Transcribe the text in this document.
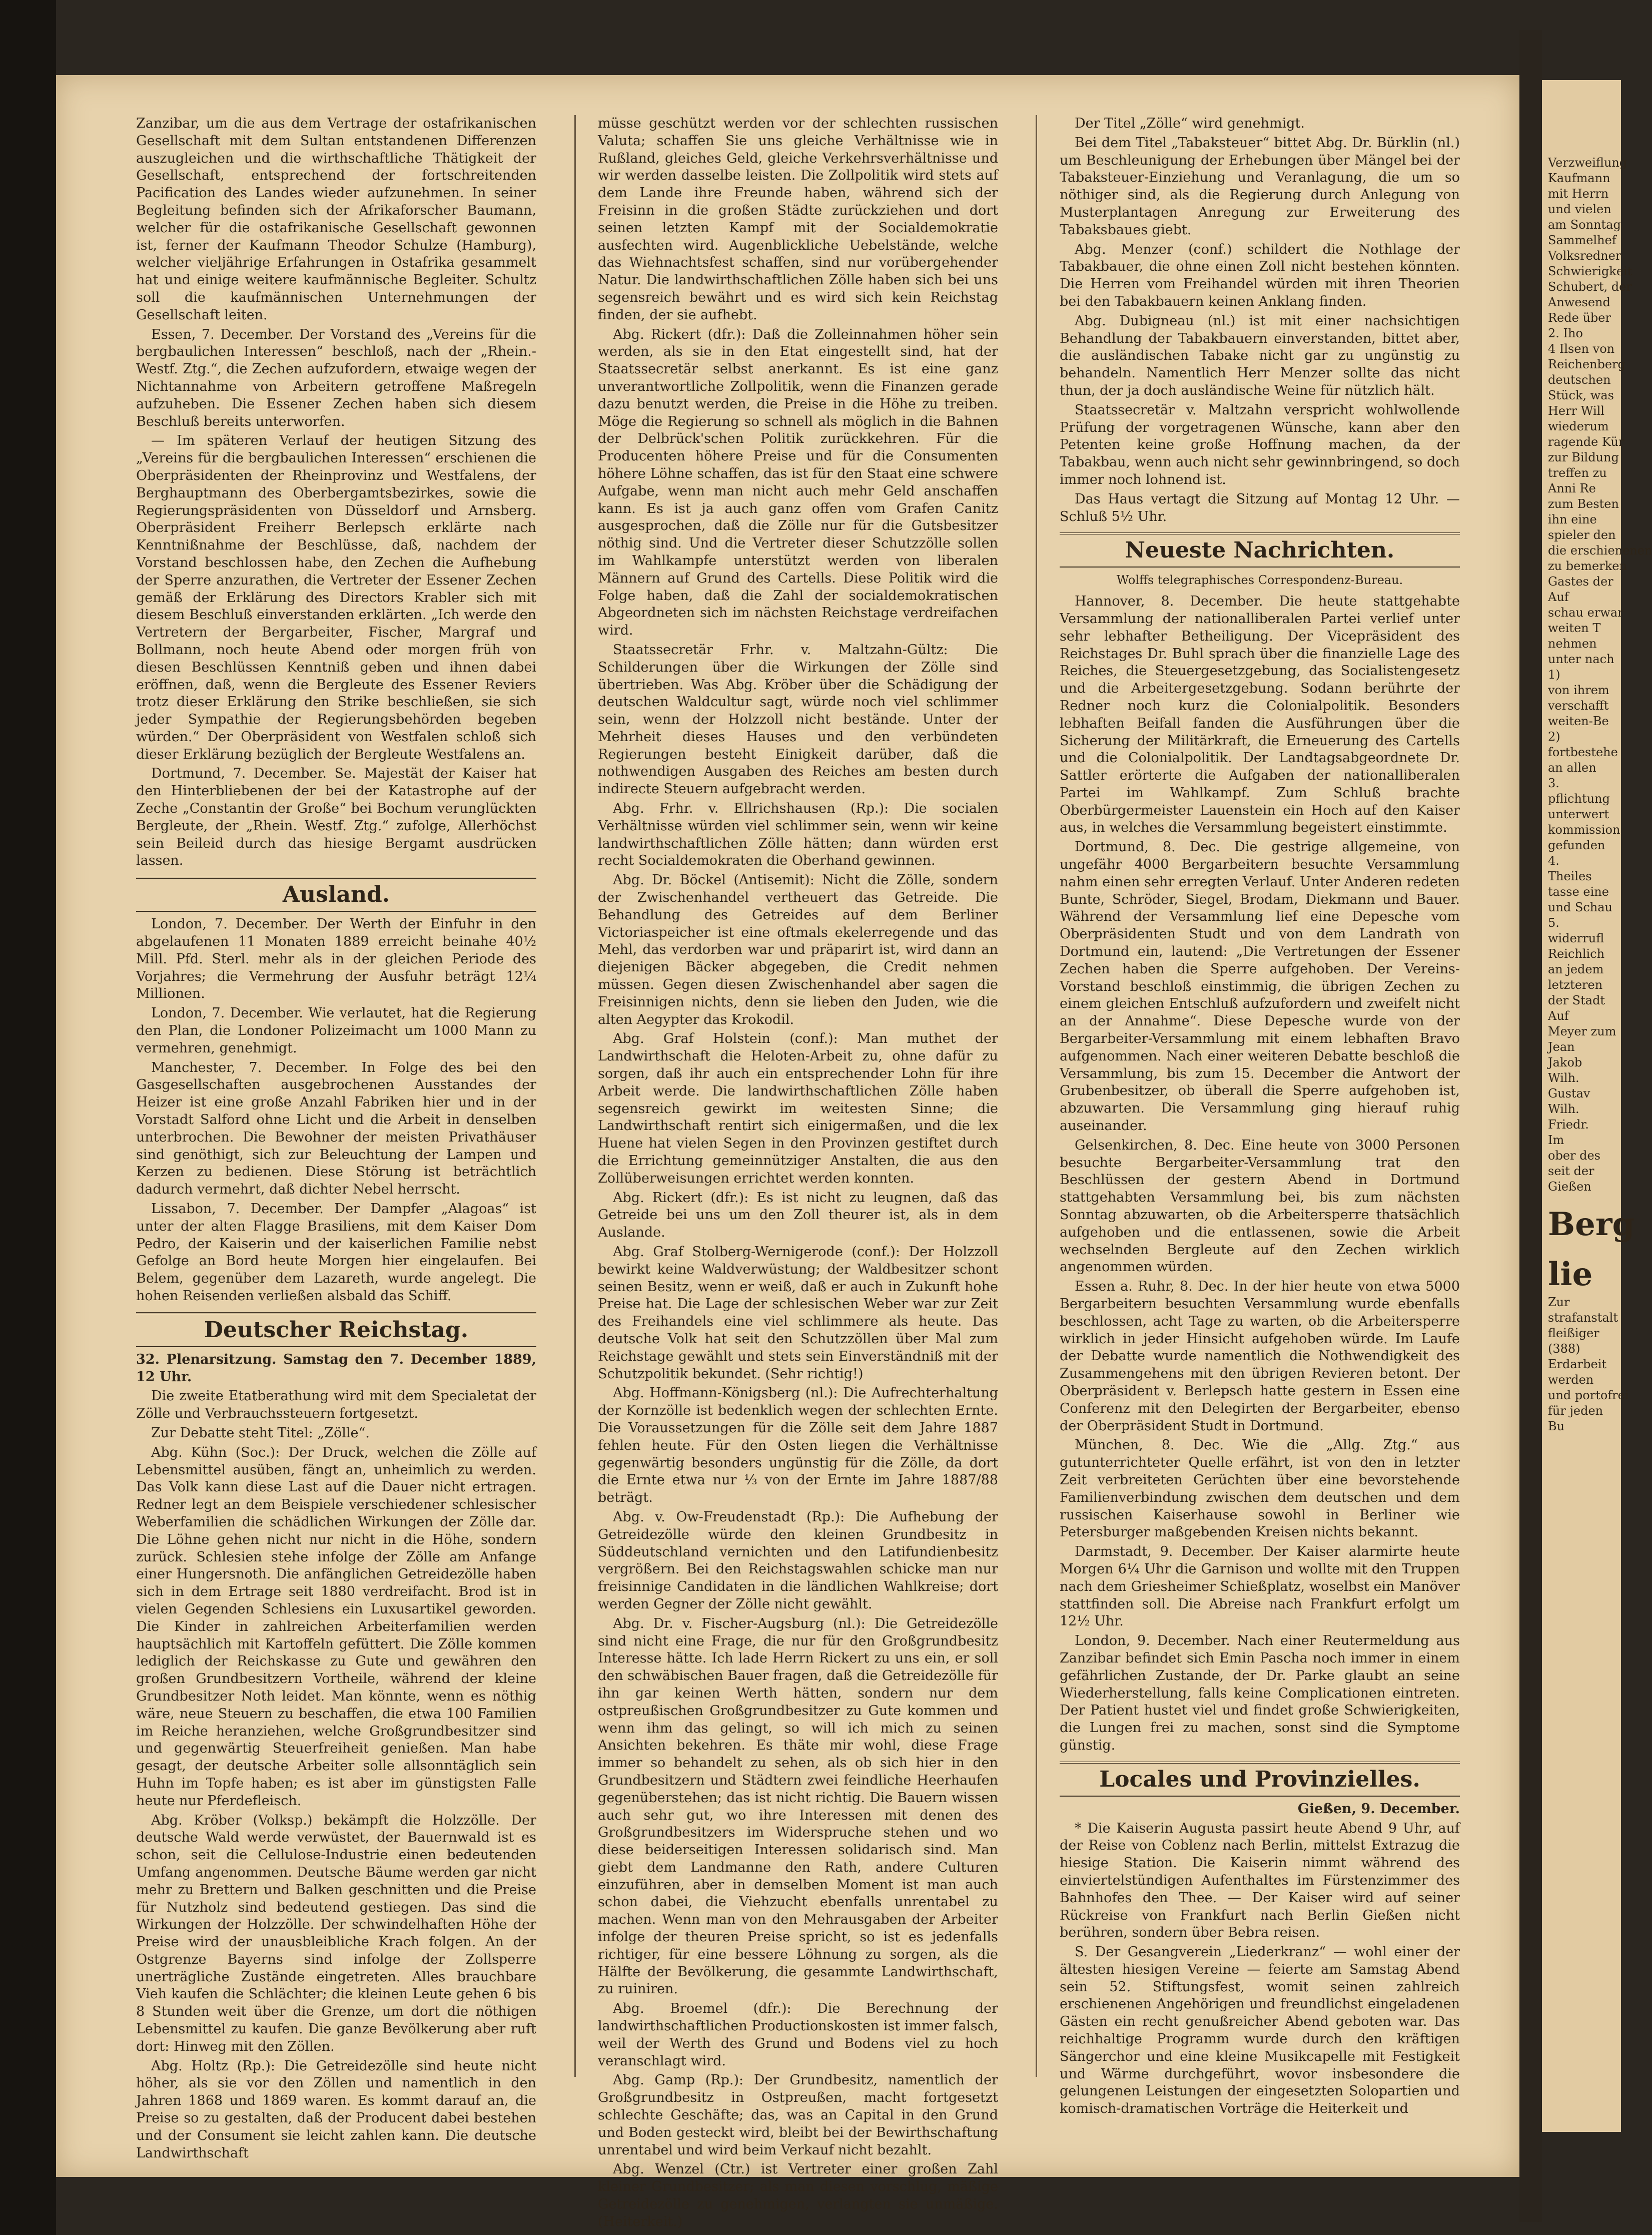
Verzweiflung
Kaufmann
mit Herrn
und vielen
am Sonntag
Sammelhef
Volksredner
Schwierigkeit
Schubert, der
Anwesend
Rede über
2. Iho
4 Ilsen von
Reichenberg
deutschen
Stück, was
Herr Will
wiederum
ragende Kür
zur Bildung
treffen zu
Anni Re
zum Besten
ihn eine
spieler den
die erschienenen
zu bemerken
Gastes der
Auf
schau erwar
weiten T
nehmen
unter nach
1)
von ihrem
verschafft
weiten-Be
2)
fortbestehe
an allen
3.
pflichtung
unterwert
kommission
gefunden
4.
Theiles
tasse eine
und Schau
5.
widerrufl
Reichlich
an jedem
letzteren
der Stadt
Auf
Meyer zum
Jean
Jakob
Wilh.
Gustav
Wilh.
Friedr.
Im
ober des
seit der
Gießen
Berg
lie
Zur
strafanstalt
fleißiger
(388)
Erdarbeit
werden
und portofrei
für jeden
Bu

Zanzibar, um die aus dem Vertrage der ostafrikanischen Gesellschaft mit dem Sultan entstandenen Differenzen auszugleichen und die wirthschaftliche Thätigkeit der Gesellschaft, entsprechend der fortschreitenden Pacification des Landes wieder aufzunehmen. In seiner Begleitung befinden sich der Afrikaforscher Baumann, welcher für die ostafrikanische Gesellschaft gewonnen ist, ferner der Kaufmann Theodor Schulze (Hamburg), welcher vieljährige Erfahrungen in Ostafrika gesammelt hat und einige weitere kaufmännische Begleiter. Schultz soll die kaufmännischen Unternehmungen der Gesellschaft leiten.

Essen, 7. December. Der Vorstand des „Vereins für die bergbaulichen Interessen“ beschloß, nach der „Rhein.-Westf. Ztg.“, die Zechen aufzufordern, etwaige wegen der Nichtannahme von Arbeitern getroffene Maßregeln aufzuheben. Die Essener Zechen haben sich diesem Beschluß bereits unterworfen.

— Im späteren Verlauf der heutigen Sitzung des „Vereins für die bergbaulichen Interessen“ erschienen die Oberpräsidenten der Rheinprovinz und Westfalens, der Berghauptmann des Oberbergamtsbezirkes, sowie die Regierungspräsidenten von Düsseldorf und Arnsberg. Oberpräsident Freiherr Berlepsch erklärte nach Kenntnißnahme der Beschlüsse, daß, nachdem der Vorstand beschlossen habe, den Zechen die Aufhebung der Sperre anzurathen, die Vertreter der Essener Zechen gemäß der Erklärung des Directors Krabler sich mit diesem Beschluß einverstanden erklärten. „Ich werde den Vertretern der Bergarbeiter, Fischer, Margraf und Bollmann, noch heute Abend oder morgen früh von diesen Beschlüssen Kenntniß geben und ihnen dabei eröffnen, daß, wenn die Bergleute des Essener Reviers trotz dieser Erklärung den Strike beschließen, sie sich jeder Sympathie der Regierungsbehörden begeben würden.“ Der Oberpräsident von Westfalen schloß sich dieser Erklärung bezüglich der Bergleute Westfalens an.

Dortmund, 7. December. Se. Majestät der Kaiser hat den Hinterbliebenen der bei der Katastrophe auf der Zeche „Constantin der Große“ bei Bochum verunglückten Bergleute, der „Rhein. Westf. Ztg.“ zufolge, Allerhöchst sein Beileid durch das hiesige Bergamt ausdrücken lassen.

Ausland.

London, 7. December. Der Werth der Einfuhr in den abgelaufenen 11 Monaten 1889 erreicht beinahe 40½ Mill. Pfd. Sterl. mehr als in der gleichen Periode des Vorjahres; die Vermehrung der Ausfuhr beträgt 12¼ Millionen.

London, 7. December. Wie verlautet, hat die Regierung den Plan, die Londoner Polizeimacht um 1000 Mann zu vermehren, genehmigt.

Manchester, 7. December. In Folge des bei den Gasgesellschaften ausgebrochenen Ausstandes der Heizer ist eine große Anzahl Fabriken hier und in der Vorstadt Salford ohne Licht und die Arbeit in denselben unterbrochen. Die Bewohner der meisten Privathäuser sind genöthigt, sich zur Beleuchtung der Lampen und Kerzen zu bedienen. Diese Störung ist beträchtlich dadurch vermehrt, daß dichter Nebel herrscht.

Lissabon, 7. December. Der Dampfer „Alagoas“ ist unter der alten Flagge Brasiliens, mit dem Kaiser Dom Pedro, der Kaiserin und der kaiserlichen Familie nebst Gefolge an Bord heute Morgen hier eingelaufen. Bei Belem, gegenüber dem Lazareth, wurde angelegt. Die hohen Reisenden verließen alsbald das Schiff.

Deutscher Reichstag.

32. Plenarsitzung. Samstag den 7. December 1889, 12 Uhr.

Die zweite Etatberathung wird mit dem Specialetat der Zölle und Verbrauchssteuern fortgesetzt.

Zur Debatte steht Titel: „Zölle“.

Abg. Kühn (Soc.): Der Druck, welchen die Zölle auf Lebensmittel ausüben, fängt an, unheimlich zu werden. Das Volk kann diese Last auf die Dauer nicht ertragen. Redner legt an dem Beispiele verschiedener schlesischer Weberfamilien die schädlichen Wirkungen der Zölle dar. Die Löhne gehen nicht nur nicht in die Höhe, sondern zurück. Schlesien stehe infolge der Zölle am Anfange einer Hungersnoth. Die anfänglichen Getreidezölle haben sich in dem Ertrage seit 1880 verdreifacht. Brod ist in vielen Gegenden Schlesiens ein Luxusartikel geworden. Die Kinder in zahlreichen Arbeiterfamilien werden hauptsächlich mit Kartoffeln gefüttert. Die Zölle kommen lediglich der Reichskasse zu Gute und gewähren den großen Grundbesitzern Vortheile, während der kleine Grundbesitzer Noth leidet. Man könnte, wenn es nöthig wäre, neue Steuern zu beschaffen, die etwa 100 Familien im Reiche heranziehen, welche Großgrundbesitzer sind und gegenwärtig Steuerfreiheit genießen. Man habe gesagt, der deutsche Arbeiter solle allsonntäglich sein Huhn im Topfe haben; es ist aber im günstigsten Falle heute nur Pferdefleisch.

Abg. Kröber (Volksp.) bekämpft die Holzzölle. Der deutsche Wald werde verwüstet, der Bauernwald ist es schon, seit die Cellulose-Industrie einen bedeutenden Umfang angenommen. Deutsche Bäume werden gar nicht mehr zu Brettern und Balken geschnitten und die Preise für Nutzholz sind bedeutend gestiegen. Das sind die Wirkungen der Holzzölle. Der schwindelhaften Höhe der Preise wird der unausbleibliche Krach folgen. An der Ostgrenze Bayerns sind infolge der Zollsperre unerträgliche Zustände eingetreten. Alles brauchbare Vieh kaufen die Schlächter; die kleinen Leute gehen 6 bis 8 Stunden weit über die Grenze, um dort die nöthigen Lebensmittel zu kaufen. Die ganze Bevölkerung aber ruft dort: Hinweg mit den Zöllen.

Abg. Holtz (Rp.): Die Getreidezölle sind heute nicht höher, als sie vor den Zöllen und namentlich in den Jahren 1868 und 1869 waren. Es kommt darauf an, die Preise so zu gestalten, daß der Producent dabei bestehen und der Consument sie leicht zahlen kann. Die deutsche Landwirthschaft

müsse geschützt werden vor der schlechten russischen Valuta; schaffen Sie uns gleiche Verhältnisse wie in Rußland, gleiches Geld, gleiche Verkehrsverhältnisse und wir werden dasselbe leisten. Die Zollpolitik wird stets auf dem Lande ihre Freunde haben, während sich der Freisinn in die großen Städte zurückziehen und dort seinen letzten Kampf mit der Socialdemokratie ausfechten wird. Augenblickliche Uebelstände, welche das Wiehnachtsfest schaffen, sind nur vorübergehender Natur. Die landwirthschaftlichen Zölle haben sich bei uns segensreich bewährt und es wird sich kein Reichstag finden, der sie aufhebt.

Abg. Rickert (dfr.): Daß die Zolleinnahmen höher sein werden, als sie in den Etat eingestellt sind, hat der Staatssecretär selbst anerkannt. Es ist eine ganz unverantwortliche Zollpolitik, wenn die Finanzen gerade dazu benutzt werden, die Preise in die Höhe zu treiben. Möge die Regierung so schnell als möglich in die Bahnen der Delbrück'schen Politik zurückkehren. Für die Producenten höhere Preise und für die Consumenten höhere Löhne schaffen, das ist für den Staat eine schwere Aufgabe, wenn man nicht auch mehr Geld anschaffen kann. Es ist ja auch ganz offen vom Grafen Canitz ausgesprochen, daß die Zölle nur für die Gutsbesitzer nöthig sind. Und die Vertreter dieser Schutzzölle sollen im Wahlkampfe unterstützt werden von liberalen Männern auf Grund des Cartells. Diese Politik wird die Folge haben, daß die Zahl der socialdemokratischen Abgeordneten sich im nächsten Reichstage verdreifachen wird.

Staatssecretär Frhr. v. Maltzahn-Gültz: Die Schilderungen über die Wirkungen der Zölle sind übertrieben. Was Abg. Kröber über die Schädigung der deutschen Waldcultur sagt, würde noch viel schlimmer sein, wenn der Holzzoll nicht bestände. Unter der Mehrheit dieses Hauses und den verbündeten Regierungen besteht Einigkeit darüber, daß die nothwendigen Ausgaben des Reiches am besten durch indirecte Steuern aufgebracht werden.

Abg. Frhr. v. Ellrichshausen (Rp.): Die socialen Verhältnisse würden viel schlimmer sein, wenn wir keine landwirthschaftlichen Zölle hätten; dann würden erst recht Socialdemokraten die Oberhand gewinnen.

Abg. Dr. Böckel (Antisemit): Nicht die Zölle, sondern der Zwischenhandel vertheuert das Getreide. Die Behandlung des Getreides auf dem Berliner Victoriaspeicher ist eine oftmals ekelerregende und das Mehl, das verdorben war und präparirt ist, wird dann an diejenigen Bäcker abgegeben, die Credit nehmen müssen. Gegen diesen Zwischenhandel aber sagen die Freisinnigen nichts, denn sie lieben den Juden, wie die alten Aegypter das Krokodil.

Abg. Graf Holstein (conf.): Man muthet der Landwirthschaft die Heloten-Arbeit zu, ohne dafür zu sorgen, daß ihr auch ein entsprechender Lohn für ihre Arbeit werde. Die landwirthschaftlichen Zölle haben segensreich gewirkt im weitesten Sinne; die Landwirthschaft rentirt sich einigermaßen, und die lex Huene hat vielen Segen in den Provinzen gestiftet durch die Errichtung gemeinnütziger Anstalten, die aus den Zollüberweisungen errichtet werden konnten.

Abg. Rickert (dfr.): Es ist nicht zu leugnen, daß das Getreide bei uns um den Zoll theurer ist, als in dem Auslande.

Abg. Graf Stolberg-Wernigerode (conf.): Der Holzzoll bewirkt keine Waldverwüstung; der Waldbesitzer schont seinen Besitz, wenn er weiß, daß er auch in Zukunft hohe Preise hat. Die Lage der schlesischen Weber war zur Zeit des Freihandels eine viel schlimmere als heute. Das deutsche Volk hat seit den Schutzzöllen über Mal zum Reichstage gewählt und stets sein Einverständniß mit der Schutzpolitik bekundet. (Sehr richtig!)

Abg. Hoffmann-Königsberg (nl.): Die Aufrechterhaltung der Kornzölle ist bedenklich wegen der schlechten Ernte. Die Voraussetzungen für die Zölle seit dem Jahre 1887 fehlen heute. Für den Osten liegen die Verhältnisse gegenwärtig besonders ungünstig für die Zölle, da dort die Ernte etwa nur ⅓ von der Ernte im Jahre 1887/88 beträgt.

Abg. v. Ow-Freudenstadt (Rp.): Die Aufhebung der Getreidezölle würde den kleinen Grundbesitz in Süddeutschland vernichten und den Latifundienbesitz vergrößern. Bei den Reichstagswahlen schicke man nur freisinnige Candidaten in die ländlichen Wahlkreise; dort werden Gegner der Zölle nicht gewählt.

Abg. Dr. v. Fischer-Augsburg (nl.): Die Getreidezölle sind nicht eine Frage, die nur für den Großgrundbesitz Interesse hätte. Ich lade Herrn Rickert zu uns ein, er soll den schwäbischen Bauer fragen, daß die Getreidezölle für ihn gar keinen Werth hätten, sondern nur dem ostpreußischen Großgrundbesitzer zu Gute kommen und wenn ihm das gelingt, so will ich mich zu seinen Ansichten bekehren. Es thäte mir wohl, diese Frage immer so behandelt zu sehen, als ob sich hier in den Grundbesitzern und Städtern zwei feindliche Heerhaufen gegenüberstehen; das ist nicht richtig. Die Bauern wissen auch sehr gut, wo ihre Interessen mit denen des Großgrundbesitzers im Widerspruche stehen und wo diese beiderseitigen Interessen solidarisch sind. Man giebt dem Landmanne den Rath, andere Culturen einzuführen, aber in demselben Moment ist man auch schon dabei, die Viehzucht ebenfalls unrentabel zu machen. Wenn man von den Mehrausgaben der Arbeiter infolge der theuren Preise spricht, so ist es jedenfalls richtiger, für eine bessere Löhnung zu sorgen, als die Hälfte der Bevölkerung, die gesammte Landwirthschaft, zu ruiniren.

Abg. Broemel (dfr.): Die Berechnung der landwirthschaftlichen Productionskosten ist immer falsch, weil der Werth des Grund und Bodens viel zu hoch veranschlagt wird.

Abg. Gamp (Rp.): Der Grundbesitz, namentlich der Großgrundbesitz in Ostpreußen, macht fortgesetzt schlechte Geschäfte; das, was an Capital in den Grund und Boden gesteckt wird, bleibt bei der Bewirthschaftung unrentabel und wird beim Verkauf nicht bezahlt.

Abg. Wenzel (Ctr.) ist Vertreter einer großen Zahl kleiner Grundbesitzer; als man diesen vorschlug, mäßige Getreidezölle zu genehmigen, verlangten sie unmäßige. (Heiterkeit.)

Der Titel „Zölle“ wird genehmigt.

Bei dem Titel „Tabaksteuer“ bittet Abg. Dr. Bürklin (nl.) um Beschleunigung der Erhebungen über Mängel bei der Tabaksteuer-Einziehung und Veranlagung, die um so nöthiger sind, als die Regierung durch Anlegung von Musterplantagen Anregung zur Erweiterung des Tabaksbaues giebt.

Abg. Menzer (conf.) schildert die Nothlage der Tabakbauer, die ohne einen Zoll nicht bestehen könnten. Die Herren vom Freihandel würden mit ihren Theorien bei den Tabakbauern keinen Anklang finden.

Abg. Dubigneau (nl.) ist mit einer nachsichtigen Behandlung der Tabakbauern einverstanden, bittet aber, die ausländischen Tabake nicht gar zu ungünstig zu behandeln. Namentlich Herr Menzer sollte das nicht thun, der ja doch ausländische Weine für nützlich hält.

Staatssecretär v. Maltzahn verspricht wohlwollende Prüfung der vorgetragenen Wünsche, kann aber den Petenten keine große Hoffnung machen, da der Tabakbau, wenn auch nicht sehr gewinnbringend, so doch immer noch lohnend ist.

Das Haus vertagt die Sitzung auf Montag 12 Uhr. — Schluß 5½ Uhr.

Neueste Nachrichten.
Wolffs telegraphisches Correspondenz-Bureau.

Hannover, 8. December. Die heute stattgehabte Versammlung der nationalliberalen Partei verlief unter sehr lebhafter Betheiligung. Der Vicepräsident des Reichstages Dr. Buhl sprach über die finanzielle Lage des Reiches, die Steuergesetzgebung, das Socialistengesetz und die Arbeitergesetzgebung. Sodann berührte der Redner noch kurz die Colonialpolitik. Besonders lebhaften Beifall fanden die Ausführungen über die Sicherung der Militärkraft, die Erneuerung des Cartells und die Colonialpolitik. Der Landtagsabgeordnete Dr. Sattler erörterte die Aufgaben der nationalliberalen Partei im Wahlkampf. Zum Schluß brachte Oberbürgermeister Lauenstein ein Hoch auf den Kaiser aus, in welches die Versammlung begeistert einstimmte.

Dortmund, 8. Dec. Die gestrige allgemeine, von ungefähr 4000 Bergarbeitern besuchte Versammlung nahm einen sehr erregten Verlauf. Unter Anderen redeten Bunte, Schröder, Siegel, Brodam, Diekmann und Bauer. Während der Versammlung lief eine Depesche vom Oberpräsidenten Studt und von dem Landrath von Dortmund ein, lautend: „Die Vertretungen der Essener Zechen haben die Sperre aufgehoben. Der Vereins-Vorstand beschloß einstimmig, die übrigen Zechen zu einem gleichen Entschluß aufzufordern und zweifelt nicht an der Annahme“. Diese Depesche wurde von der Bergarbeiter-Versammlung mit einem lebhaften Bravo aufgenommen. Nach einer weiteren Debatte beschloß die Versammlung, bis zum 15. December die Antwort der Grubenbesitzer, ob überall die Sperre aufgehoben ist, abzuwarten. Die Versammlung ging hierauf ruhig auseinander.

Gelsenkirchen, 8. Dec. Eine heute von 3000 Personen besuchte Bergarbeiter-Versammlung trat den Beschlüssen der gestern Abend in Dortmund stattgehabten Versammlung bei, bis zum nächsten Sonntag abzuwarten, ob die Arbeitersperre thatsächlich aufgehoben und die entlassenen, sowie die Arbeit wechselnden Bergleute auf den Zechen wirklich angenommen würden.

Essen a. Ruhr, 8. Dec. In der hier heute von etwa 5000 Bergarbeitern besuchten Versammlung wurde ebenfalls beschlossen, acht Tage zu warten, ob die Arbeitersperre wirklich in jeder Hinsicht aufgehoben würde. Im Laufe der Debatte wurde namentlich die Nothwendigkeit des Zusammengehens mit den übrigen Revieren betont. Der Oberpräsident v. Berlepsch hatte gestern in Essen eine Conferenz mit den Delegirten der Bergarbeiter, ebenso der Oberpräsident Studt in Dortmund.

München, 8. Dec. Wie die „Allg. Ztg.“ aus gutunterrichteter Quelle erfährt, ist von den in letzter Zeit verbreiteten Gerüchten über eine bevorstehende Familienverbindung zwischen dem deutschen und dem russischen Kaiserhause sowohl in Berliner wie Petersburger maßgebenden Kreisen nichts bekannt.

Darmstadt, 9. December. Der Kaiser alarmirte heute Morgen 6¼ Uhr die Garnison und wollte mit den Truppen nach dem Griesheimer Schießplatz, woselbst ein Manöver stattfinden soll. Die Abreise nach Frankfurt erfolgt um 12½ Uhr.

London, 9. December. Nach einer Reutermeldung aus Zanzibar befindet sich Emin Pascha noch immer in einem gefährlichen Zustande, der Dr. Parke glaubt an seine Wiederherstellung, falls keine Complicationen eintreten. Der Patient hustet viel und findet große Schwierigkeiten, die Lungen frei zu machen, sonst sind die Symptome günstig.

Locales und Provinzielles.

Gießen, 9. December.

* Die Kaiserin Augusta passirt heute Abend 9 Uhr, auf der Reise von Coblenz nach Berlin, mittelst Extrazug die hiesige Station. Die Kaiserin nimmt während des einviertelstündigen Aufenthaltes im Fürstenzimmer des Bahnhofes den Thee. — Der Kaiser wird auf seiner Rückreise von Frankfurt nach Berlin Gießen nicht berühren, sondern über Bebra reisen.

S. Der Gesangverein „Liederkranz“ — wohl einer der ältesten hiesigen Vereine — feierte am Samstag Abend sein 52. Stiftungsfest, womit seinen zahlreich erschienenen Angehörigen und freundlichst eingeladenen Gästen ein recht genußreicher Abend geboten war. Das reichhaltige Programm wurde durch den kräftigen Sängerchor und eine kleine Musikcapelle mit Festigkeit und Wärme durchgeführt, wovor insbesondere die gelungenen Leistungen der eingesetzten Solopartien und komisch-dramatischen Vorträge die Heiterkeit und
